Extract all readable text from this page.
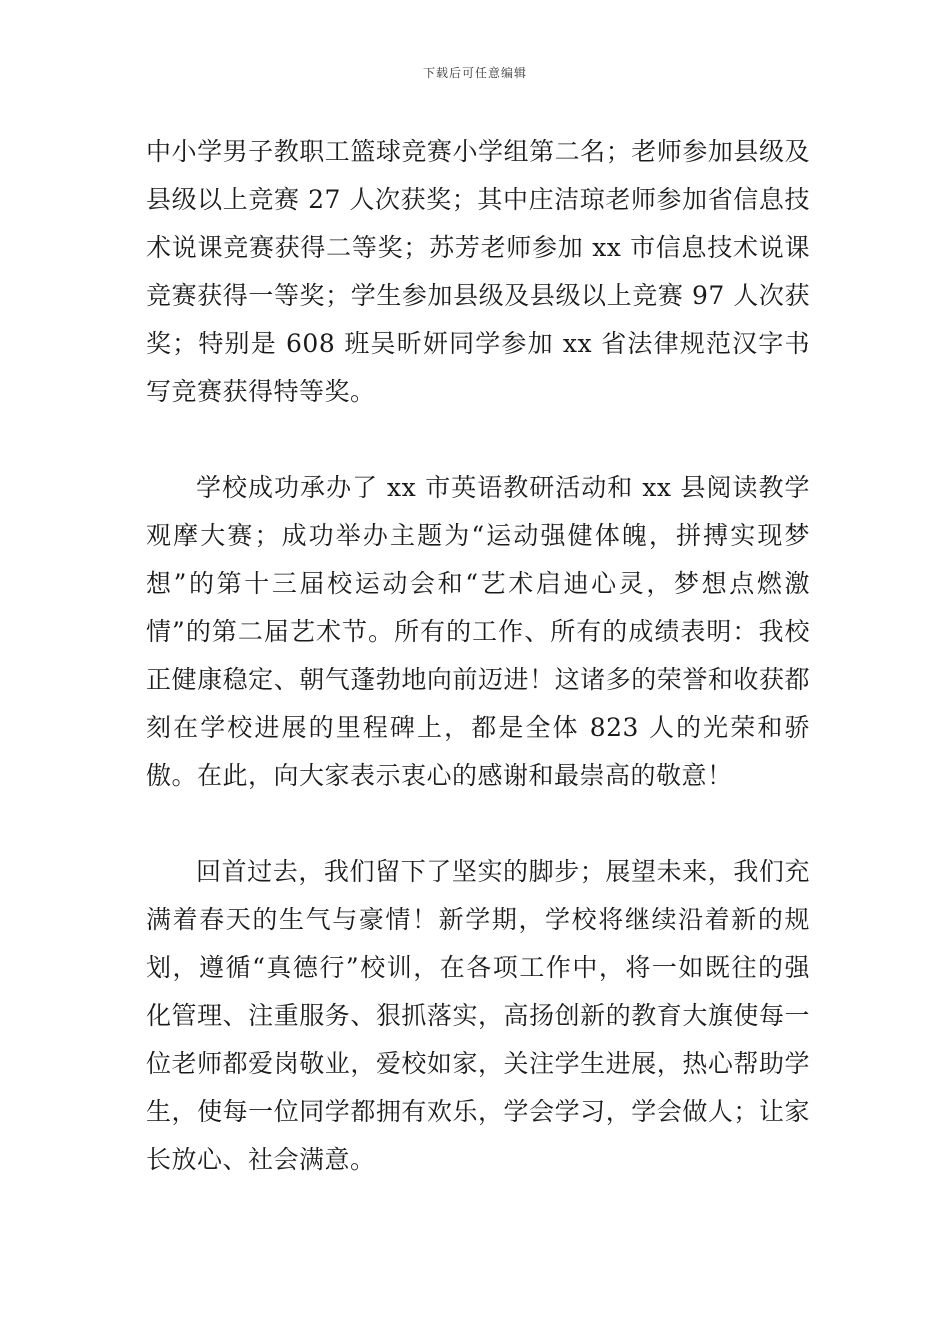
下载后可任意编辑

中小学男子教职工篮球竞赛小学组第二名；老师参加县级及县级以上竞赛 27 人次获奖；其中庄洁琼老师参加省信息技术说课竞赛获得二等奖；苏芳老师参加 xx 市信息技术说课竞赛获得一等奖；学生参加县级及县级以上竞赛 97 人次获奖；特别是 608 班吴昕妍同学参加 xx 省法律规范汉字书写竞赛获得特等奖。

学校成功承办了 xx 市英语教研活动和 xx 县阅读教学观摩大赛；成功举办主题为“运动强健体魄，拼搏实现梦想”的第十三届校运动会和“艺术启迪心灵，梦想点燃激情”的第二届艺术节。所有的工作、所有的成绩表明：我校正健康稳定、朝气蓬勃地向前迈进！这诸多的荣誉和收获都刻在学校进展的里程碑上，都是全体 823 人的光荣和骄傲。在此，向大家表示衷心的感谢和最崇高的敬意！

回首过去，我们留下了坚实的脚步；展望未来，我们充满着春天的生气与豪情！新学期，学校将继续沿着新的规划，遵循“真德行”校训，在各项工作中，将一如既往的强化管理、注重服务、狠抓落实，高扬创新的教育大旗使每一位老师都爱岗敬业，爱校如家，关注学生进展，热心帮助学生，使每一位同学都拥有欢乐，学会学习，学会做人；让家长放心、社会满意。
